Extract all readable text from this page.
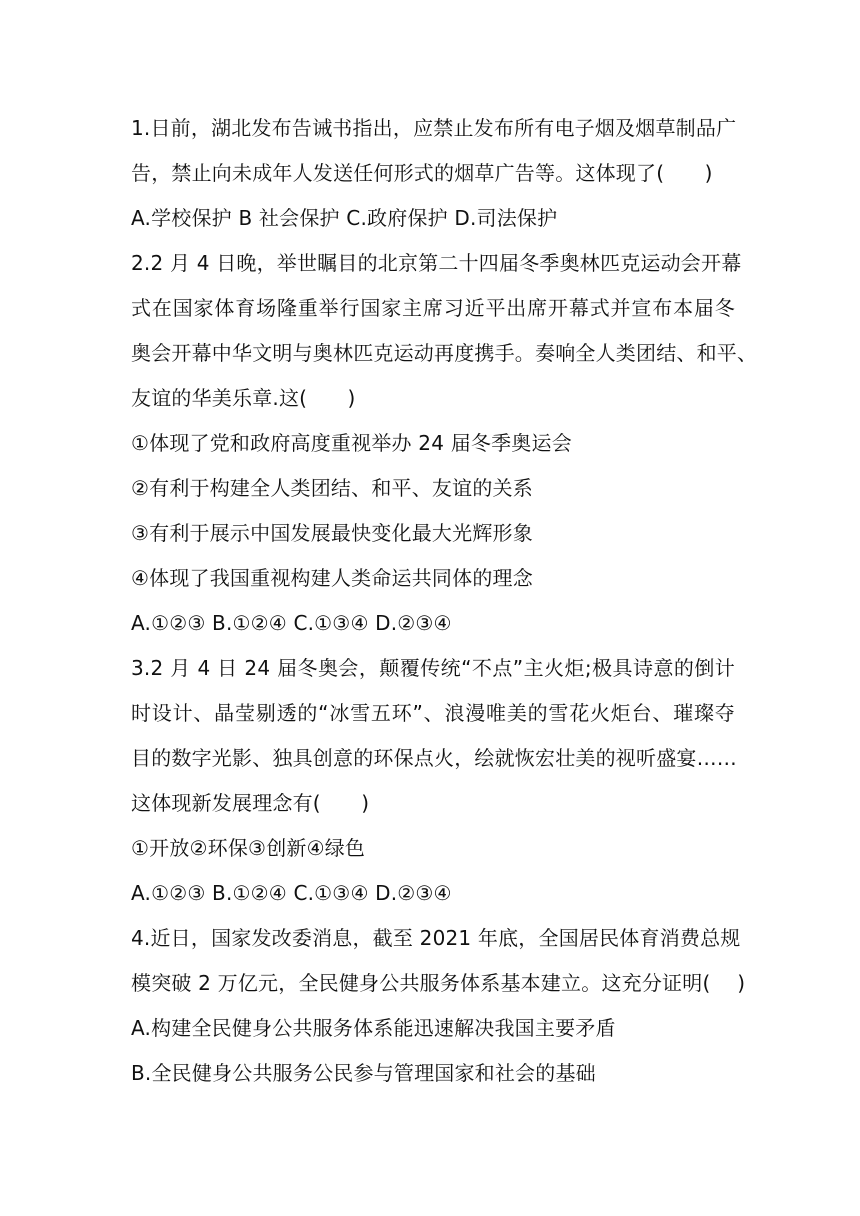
1.日前，湖北发布告诫书指出，应禁止发布所有电子烟及烟草制品广
告，禁止向未成年人发送任何形式的烟草广告等。这体现了(　　)
A.学校保护 B 社会保护 C.政府保护 D.司法保护
2.2 月 4 日晚，举世瞩目的北京第二十四届冬季奥林匹克运动会开幕
式在国家体育场隆重举行国家主席习近平出席开幕式并宣布本届冬
奥会开幕中华文明与奥林匹克运动再度携手。奏响全人类团结、和平、
友谊的华美乐章.这(　　)
①体现了党和政府高度重视举办 24 届冬季奥运会
②有利于构建全人类团结、和平、友谊的关系
③有利于展示中国发展最快变化最大光辉形象
④体现了我国重视构建人类命运共同体的理念
A.①②③ B.①②④ C.①③④ D.②③④
3.2 月 4 日 24 届冬奥会，颠覆传统“不点”主火炬;极具诗意的倒计
时设计、晶莹剔透的“冰雪五环”、浪漫唯美的雪花火炬台、璀璨夺
目的数字光影、独具创意的环保点火，绘就恢宏壮美的视听盛宴……
这体现新发展理念有(　　)
①开放②环保③创新④绿色
A.①②③ B.①②④ C.①③④ D.②③④
4.近日，国家发改委消息，截至 2021 年底，全国居民体育消费总规
模突破 2 万亿元，全民健身公共服务体系基本建立。这充分证明(　 )
A.构建全民健身公共服务体系能迅速解决我国主要矛盾
B.全民健身公共服务公民参与管理国家和社会的基础
